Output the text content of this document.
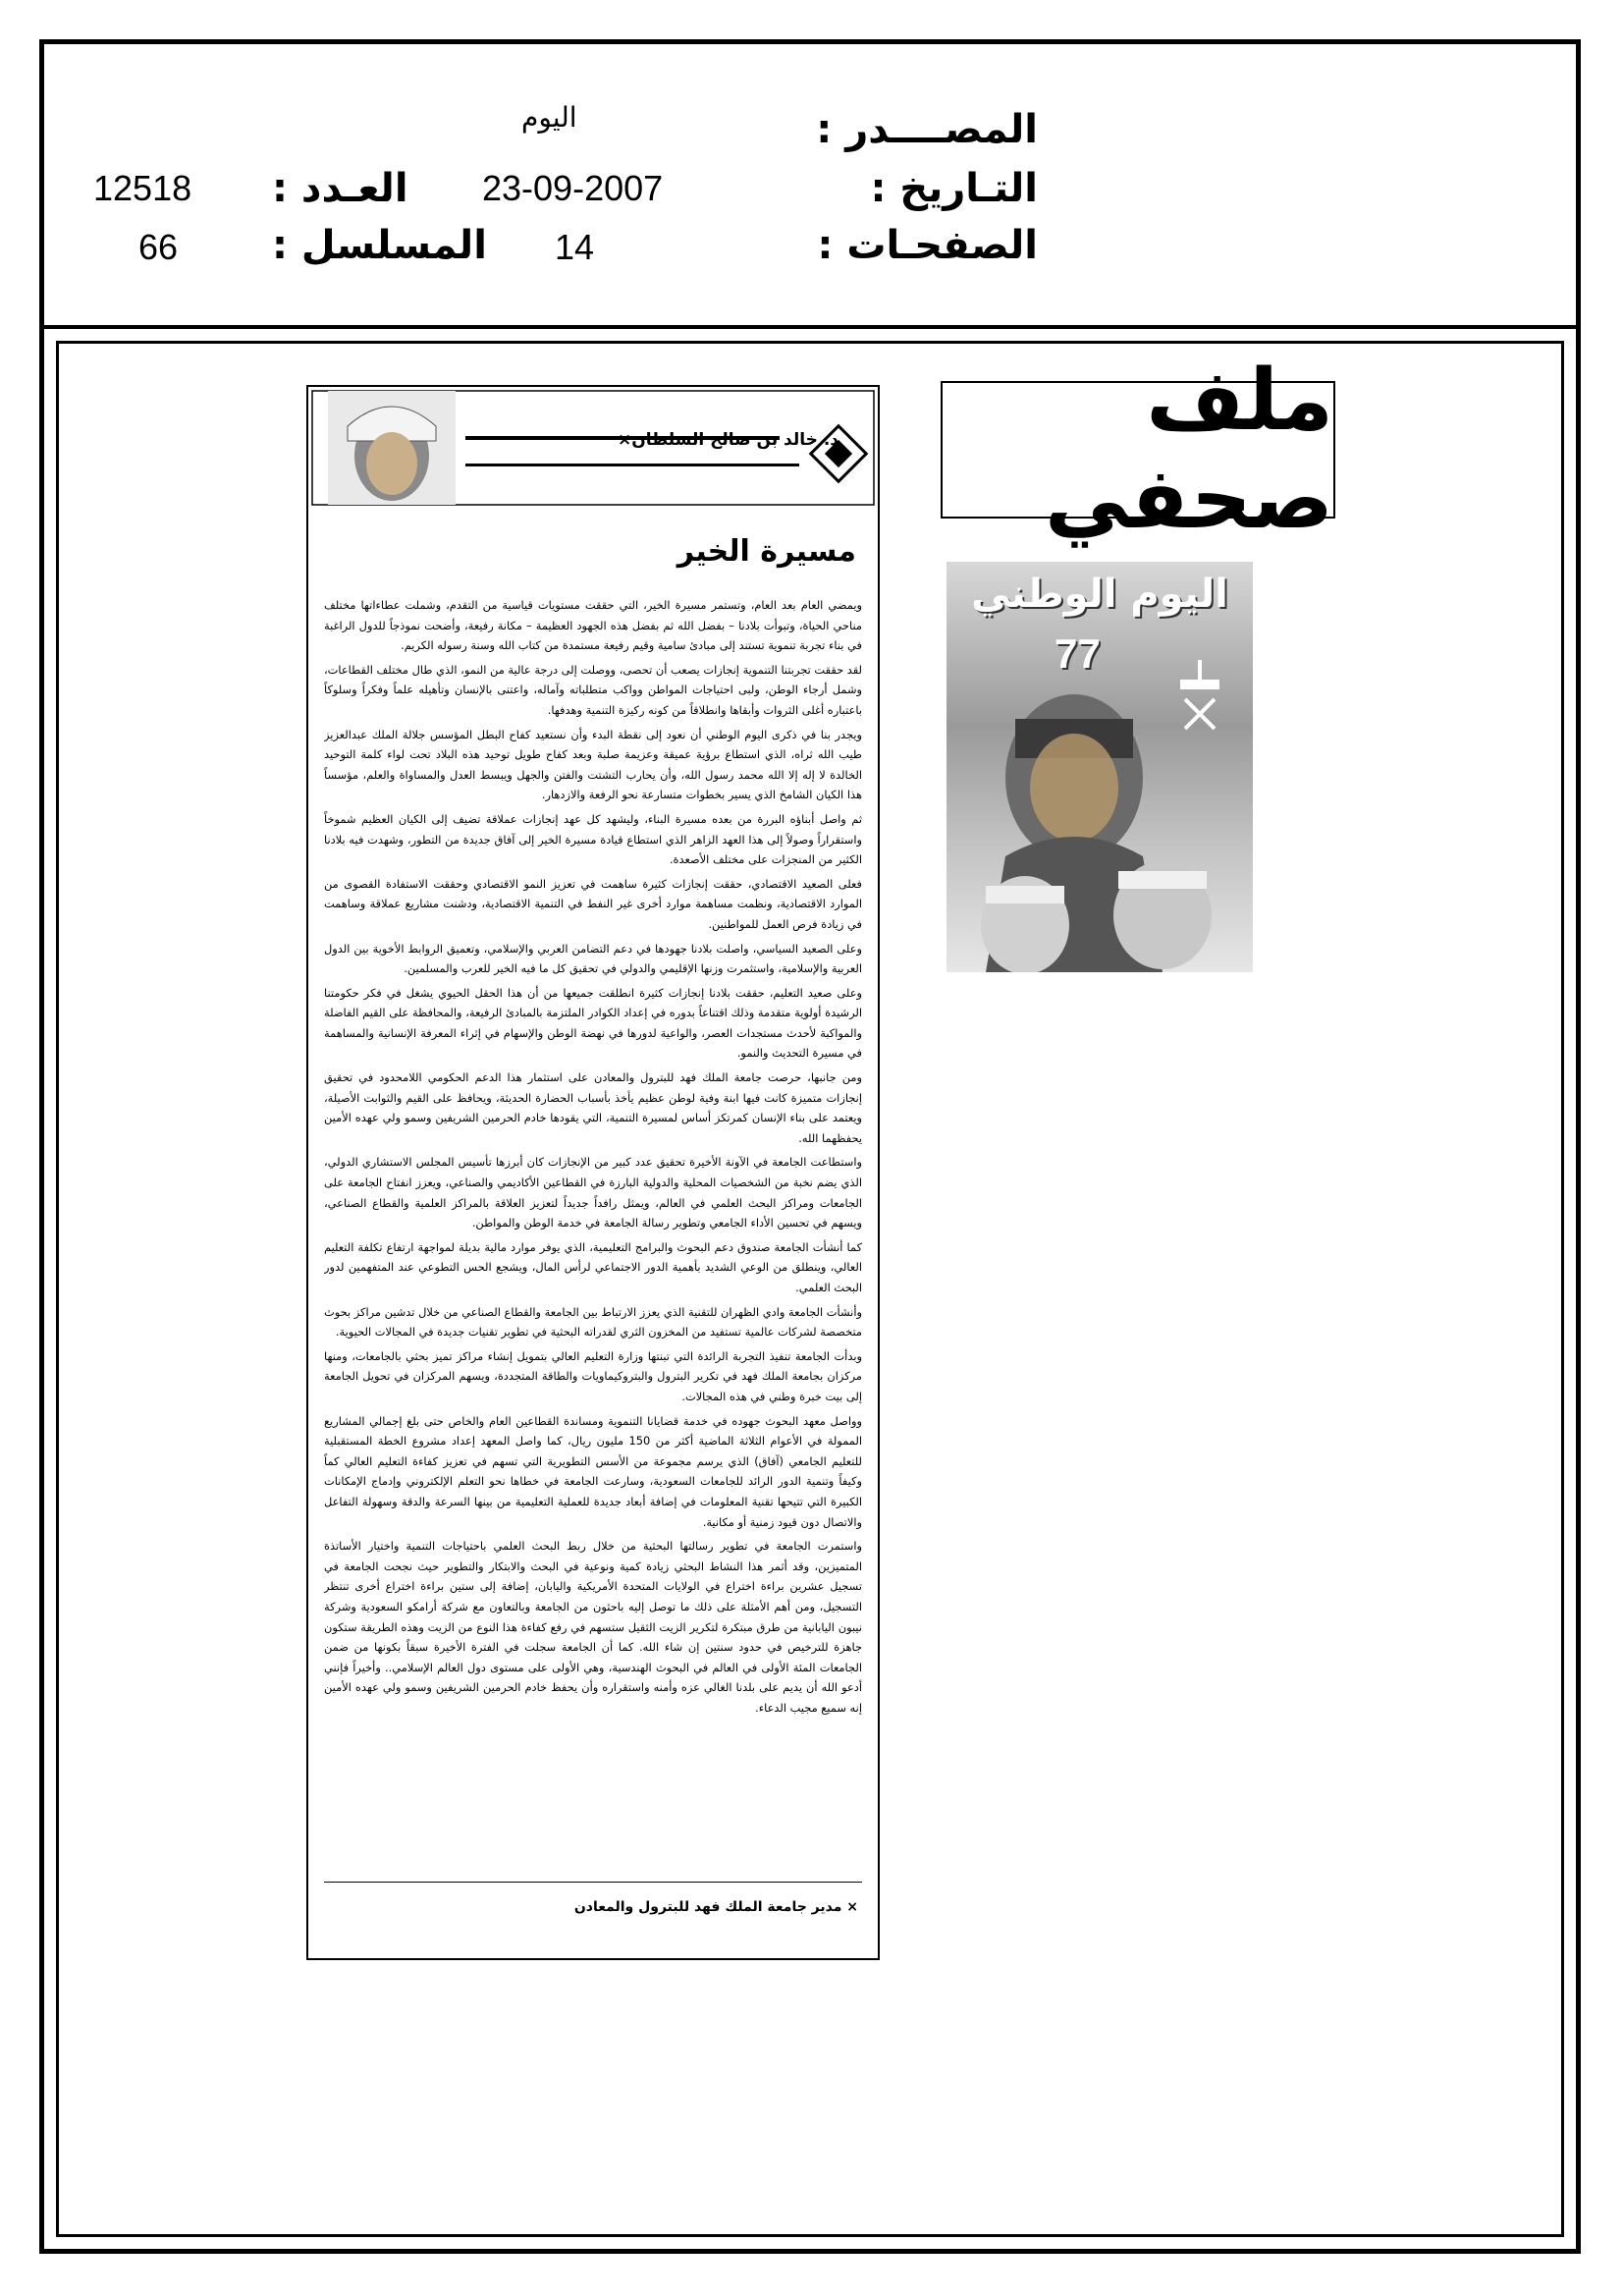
المصــــدر :
اليوم
التـاريخ :
23-09-2007
الصفحـات :
14
العـدد :
12518
المسلسل :
66
ملف صحفي
اليوم الوطني
77
د. خالد بن صالح السلطان×
مسيرة الخير

ويمضي العام بعد العام، وتستمر مسيرة الخير، التي حققت مستويات قياسية من التقدم، وشملت عطاءاتها مختلف مناحي الحياة، وتبوأت بلادنا – بفضل الله ثم بفضل هذه الجهود العظيمة – مكانة رفيعة، وأضحت نموذجاً للدول الراغبة في بناء تجربة تنموية تستند إلى مبادئ سامية وقيم رفيعة مستمدة من كتاب الله وسنة رسوله الكريم.

لقد حققت تجربتنا التنموية إنجازات يصعب أن تحصى، ووصلت إلى درجة عالية من النمو، الذي طال مختلف القطاعات، وشمل أرجاء الوطن، ولبى احتياجات المواطن وواكب متطلباته وآماله، واعتنى بالإنسان وتأهيله علماً وفكراً وسلوكاً باعتباره أغلى الثروات وأبقاها وانطلاقاً من كونه ركيزة التنمية وهدفها.

ويجدر بنا في ذكرى اليوم الوطني أن نعود إلى نقطة البدء وأن نستعيد كفاح البطل المؤسس جلالة الملك عبدالعزيز طيب الله ثراه، الذي استطاع برؤية عميقة وعزيمة صلبة وبعد كفاح طويل توحيد هذه البلاد تحت لواء كلمة التوحيد الخالدة لا إله إلا الله محمد رسول الله، وأن يحارب التشتت والفتن والجهل ويبسط العدل والمساواة والعلم، مؤسساً هذا الكيان الشامخ الذي يسير بخطوات متسارعة نحو الرفعة والازدهار.

ثم واصل أبناؤه البررة من بعده مسيرة البناء، وليشهد كل عهد إنجازات عملاقة تضيف إلى الكيان العظيم شموخاً واستقراراً وصولاً إلى هذا العهد الزاهر الذي استطاع قيادة مسيرة الخير إلى آفاق جديدة من التطور، وشهدت فيه بلادنا الكثير من المنجزات على مختلف الأصعدة.

فعلى الصعيد الاقتصادي، حققت إنجازات كثيرة ساهمت في تعزيز النمو الاقتصادي وحققت الاستفادة القصوى من الموارد الاقتصادية، ونظمت مساهمة موارد أخرى غير النفط في التنمية الاقتصادية، ودشنت مشاريع عملاقة وساهمت في زيادة فرص العمل للمواطنين.

وعلى الصعيد السياسي، واصلت بلادنا جهودها في دعم التضامن العربي والإسلامي، وتعميق الروابط الأخوية بين الدول العربية والإسلامية، واستثمرت وزنها الإقليمي والدولي في تحقيق كل ما فيه الخير للعرب والمسلمين.

وعلى صعيد التعليم، حققت بلادنا إنجازات كثيرة انطلقت جميعها من أن هذا الحقل الحيوي يشغل في فكر حكومتنا الرشيدة أولوية متقدمة وذلك اقتناعاً بدوره في إعداد الكوادر الملتزمة بالمبادئ الرفيعة، والمحافظة على القيم الفاضلة والمواكبة لأحدث مستجدات العصر، والواعية لدورها في نهضة الوطن والإسهام في إثراء المعرفة الإنسانية والمساهمة في مسيرة التحديث والنمو.

ومن جانبها، حرصت جامعة الملك فهد للبترول والمعادن على استثمار هذا الدعم الحكومي اللامحدود في تحقيق إنجازات متميزة كانت فيها ابنة وفية لوطن عظيم يأخذ بأسباب الحضارة الحديثة، ويحافظ على القيم والثوابت الأصيلة، ويعتمد على بناء الإنسان كمرتكز أساس لمسيرة التنمية، التي يقودها خادم الحرمين الشريفين وسمو ولي عهده الأمين يحفظهما الله.

واستطاعت الجامعة في الآونة الأخيرة تحقيق عدد كبير من الإنجازات كان أبرزها تأسيس المجلس الاستشاري الدولي، الذي يضم نخبة من الشخصيات المحلية والدولية البارزة في القطاعين الأكاديمي والصناعي، ويعزز انفتاح الجامعة على الجامعات ومراكز البحث العلمي في العالم، ويمثل رافداً جديداً لتعزيز العلاقة بالمراكز العلمية والقطاع الصناعي، ويسهم في تحسين الأداء الجامعي وتطوير رسالة الجامعة في خدمة الوطن والمواطن.

كما أنشأت الجامعة صندوق دعم البحوث والبرامج التعليمية، الذي يوفر موارد مالية بديلة لمواجهة ارتفاع تكلفة التعليم العالي، وينطلق من الوعي الشديد بأهمية الدور الاجتماعي لرأس المال، ويشجع الحس التطوعي عند المتفهمين لدور البحث العلمي.

وأنشأت الجامعة وادي الظهران للتقنية الذي يعزز الارتباط بين الجامعة والقطاع الصناعي من خلال تدشين مراكز بحوث متخصصة لشركات عالمية تستفيد من المخزون الثري لقدراته البحثية في تطوير تقنيات جديدة في المجالات الحيوية.

وبدأت الجامعة تنفيذ التجربة الرائدة التي تبنتها وزارة التعليم العالي بتمويل إنشاء مراكز تميز بحثي بالجامعات، ومنها مركزان بجامعة الملك فهد في تكرير البترول والبتروكيماويات والطاقة المتجددة، ويسهم المركزان في تحويل الجامعة إلى بيت خبرة وطني في هذه المجالات.

وواصل معهد البحوث جهوده في خدمة قضايانا التنموية ومساندة القطاعين العام والخاص حتى بلغ إجمالي المشاريع الممولة في الأعوام الثلاثة الماضية أكثر من 150 مليون ريال، كما واصل المعهد إعداد مشروع الخطة المستقبلية للتعليم الجامعي (آفاق) الذي يرسم مجموعة من الأسس التطويرية التي تسهم في تعزيز كفاءة التعليم العالي كماً وكيفاً وتنمية الدور الرائد للجامعات السعودية، وسارعت الجامعة في خطاها نحو التعلم الإلكتروني وإدماج الإمكانات الكبيرة التي تتيحها تقنية المعلومات في إضافة أبعاد جديدة للعملية التعليمية من بينها السرعة والدقة وسهولة التفاعل والاتصال دون قيود زمنية أو مكانية.

واستمرت الجامعة في تطوير رسالتها البحثية من خلال ربط البحث العلمي باحتياجات التنمية واختيار الأساتذة المتميزين، وقد أثمر هذا النشاط البحثي زيادة كمية ونوعية في البحث والابتكار والتطوير حيث نجحت الجامعة في تسجيل عشرين براءة اختراع في الولايات المتحدة الأمريكية واليابان، إضافة إلى ستين براءة اختراع أخرى تنتظر التسجيل، ومن أهم الأمثلة على ذلك ما توصل إليه باحثون من الجامعة وبالتعاون مع شركة أرامكو السعودية وشركة نيبون اليابانية من طرق مبتكرة لتكرير الزيت الثقيل ستسهم في رفع كفاءة هذا النوع من الزيت وهذه الطريقة ستكون جاهزة للترخيص في حدود سنتين إن شاء الله. كما أن الجامعة سجلت في الفترة الأخيرة سبقاً بكونها من ضمن الجامعات المئة الأولى في العالم في البحوث الهندسية، وهي الأولى على مستوى دول العالم الإسلامي.. وأخيراً فإنني أدعو الله أن يديم على بلدنا الغالي عزه وأمنه واستقراره وأن يحفظ خادم الحرمين الشريفين وسمو ولي عهده الأمين إنه سميع مجيب الدعاء.

× مدير جامعة الملك فهد للبترول والمعادن
